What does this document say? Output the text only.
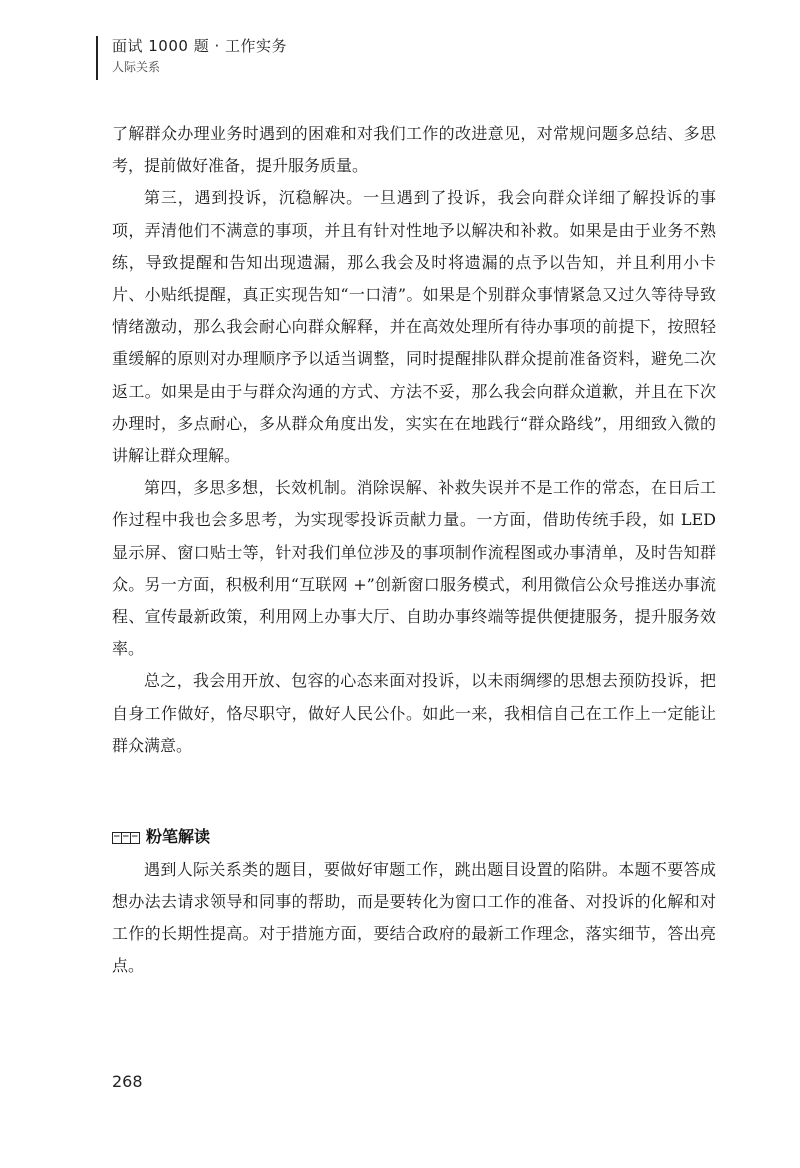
面试 1000 题 · 工作实务
人际关系

了解群众办理业务时遇到的困难和对我们工作的改进意见，对常规问题多总结、多思考，提前做好准备，提升服务质量。

第三，遇到投诉，沉稳解决。一旦遇到了投诉，我会向群众详细了解投诉的事项，弄清他们不满意的事项，并且有针对性地予以解决和补救。如果是由于业务不熟练，导致提醒和告知出现遗漏，那么我会及时将遗漏的点予以告知，并且利用小卡片、小贴纸提醒，真正实现告知“一口清”。如果是个别群众事情紧急又过久等待导致情绪激动，那么我会耐心向群众解释，并在高效处理所有待办事项的前提下，按照轻重缓解的原则对办理顺序予以适当调整，同时提醒排队群众提前准备资料，避免二次返工。如果是由于与群众沟通的方式、方法不妥，那么我会向群众道歉，并且在下次办理时，多点耐心，多从群众角度出发，实实在在地践行“群众路线”，用细致入微的讲解让群众理解。

第四，多思多想，长效机制。消除误解、补救失误并不是工作的常态，在日后工作过程中我也会多思考，为实现零投诉贡献力量。一方面，借助传统手段，如 LED 显示屏、窗口贴士等，针对我们单位涉及的事项制作流程图或办事清单，及时告知群众。另一方面，积极利用“互联网 +”创新窗口服务模式，利用微信公众号推送办事流程、宣传最新政策，利用网上办事大厅、自助办事终端等提供便捷服务，提升服务效率。

总之，我会用开放、包容的心态来面对投诉，以未雨绸缪的思想去预防投诉，把自身工作做好，恪尽职守，做好人民公仆。如此一来，我相信自己在工作上一定能让群众满意。

粉笔解读

遇到人际关系类的题目，要做好审题工作，跳出题目设置的陷阱。本题不要答成想办法去请求领导和同事的帮助，而是要转化为窗口工作的准备、对投诉的化解和对工作的长期性提高。对于措施方面，要结合政府的最新工作理念，落实细节，答出亮点。

268
